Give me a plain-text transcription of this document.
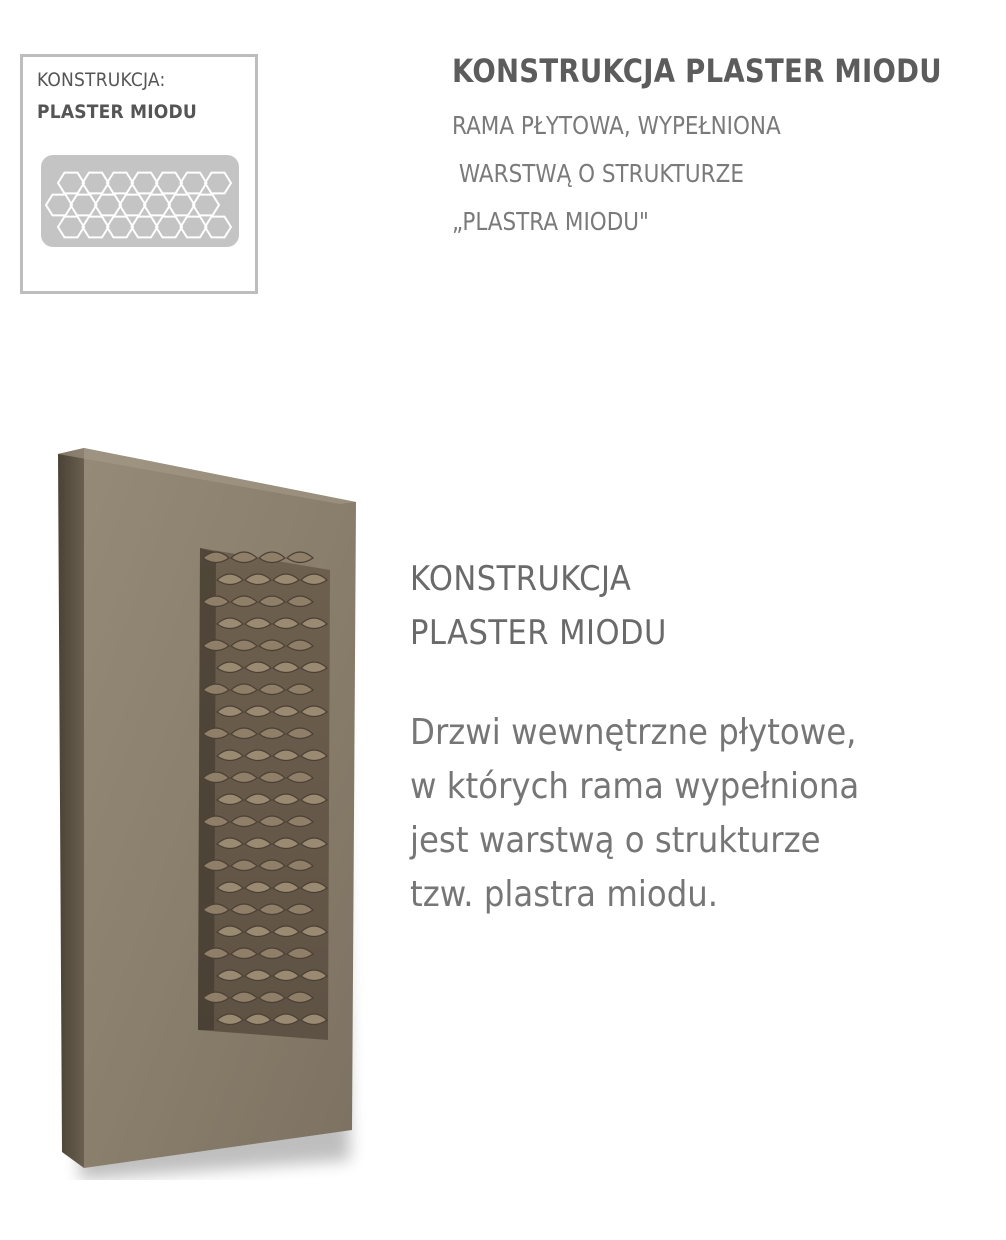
KONSTRUKCJA:
PLASTER MIODU
KONSTRUKCJA PLASTER MIODU
RAMA PŁYTOWA, WYPEŁNIONA
WARSTWĄ O STRUKTURZE
„PLASTRA MIODU"
KONSTRUKCJA
PLASTER MIODU
Drzwi wewnętrzne płytowe,
w których rama wypełniona
jest warstwą o strukturze
tzw. plastra miodu.
